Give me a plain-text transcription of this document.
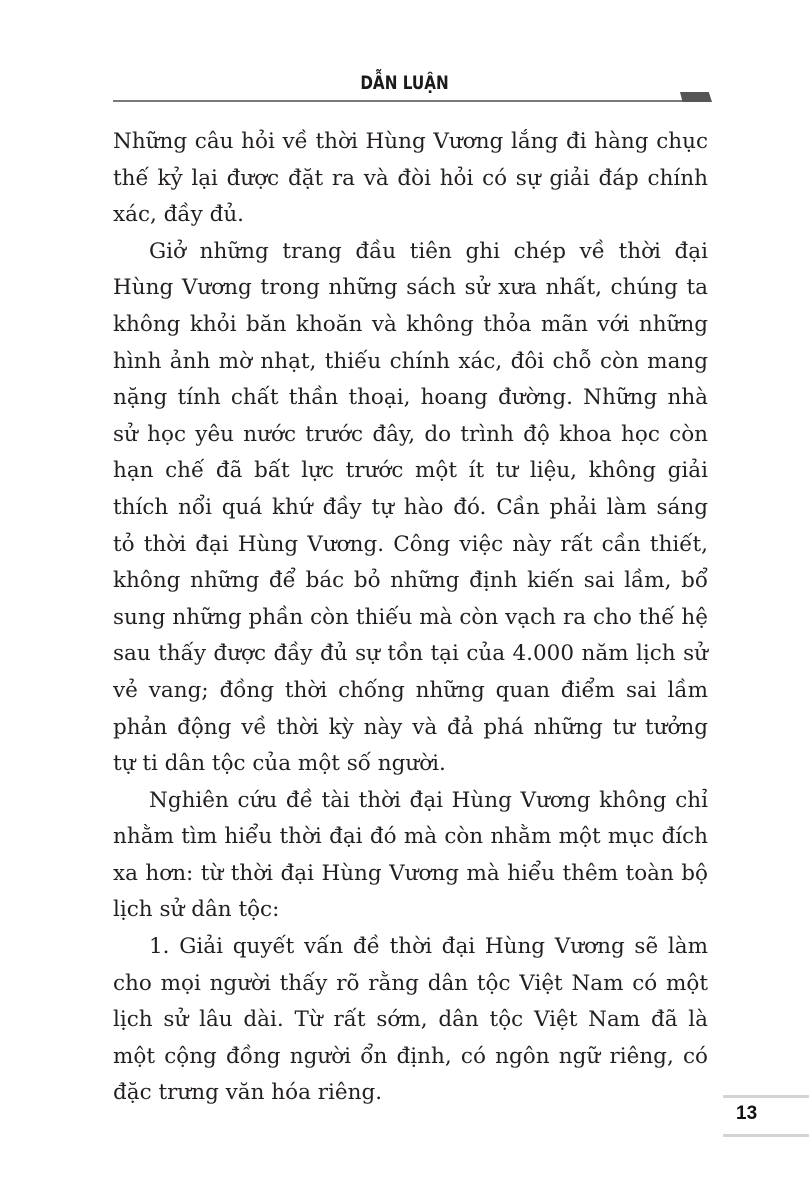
DẪN LUẬN
Những câu hỏi về thời Hùng Vương lắng đi hàng chục
thế kỷ lại được đặt ra và đòi hỏi có sự giải đáp chính
xác, đầy đủ.
Giở những trang đầu tiên ghi chép về thời đại
Hùng Vương trong những sách sử xưa nhất, chúng ta
không khỏi băn khoăn và không thỏa mãn với những
hình ảnh mờ nhạt, thiếu chính xác, đôi chỗ còn mang
nặng tính chất thần thoại, hoang đường. Những nhà
sử học yêu nước trước đây, do trình độ khoa học còn
hạn chế đã bất lực trước một ít tư liệu, không giải
thích nổi quá khứ đầy tự hào đó. Cần phải làm sáng
tỏ thời đại Hùng Vương. Công việc này rất cần thiết,
không những để bác bỏ những định kiến sai lầm, bổ
sung những phần còn thiếu mà còn vạch ra cho thế hệ
sau thấy được đầy đủ sự tồn tại của 4.000 năm lịch sử
vẻ vang; đồng thời chống những quan điểm sai lầm
phản động về thời kỳ này và đả phá những tư tưởng
tự ti dân tộc của một số người.
Nghiên cứu đề tài thời đại Hùng Vương không chỉ
nhằm tìm hiểu thời đại đó mà còn nhằm một mục đích
xa hơn: từ thời đại Hùng Vương mà hiểu thêm toàn bộ
lịch sử dân tộc:
1. Giải quyết vấn đề thời đại Hùng Vương sẽ làm
cho mọi người thấy rõ rằng dân tộc Việt Nam có một
lịch sử lâu dài. Từ rất sớm, dân tộc Việt Nam đã là
một cộng đồng người ổn định, có ngôn ngữ riêng, có
đặc trưng văn hóa riêng.
13
